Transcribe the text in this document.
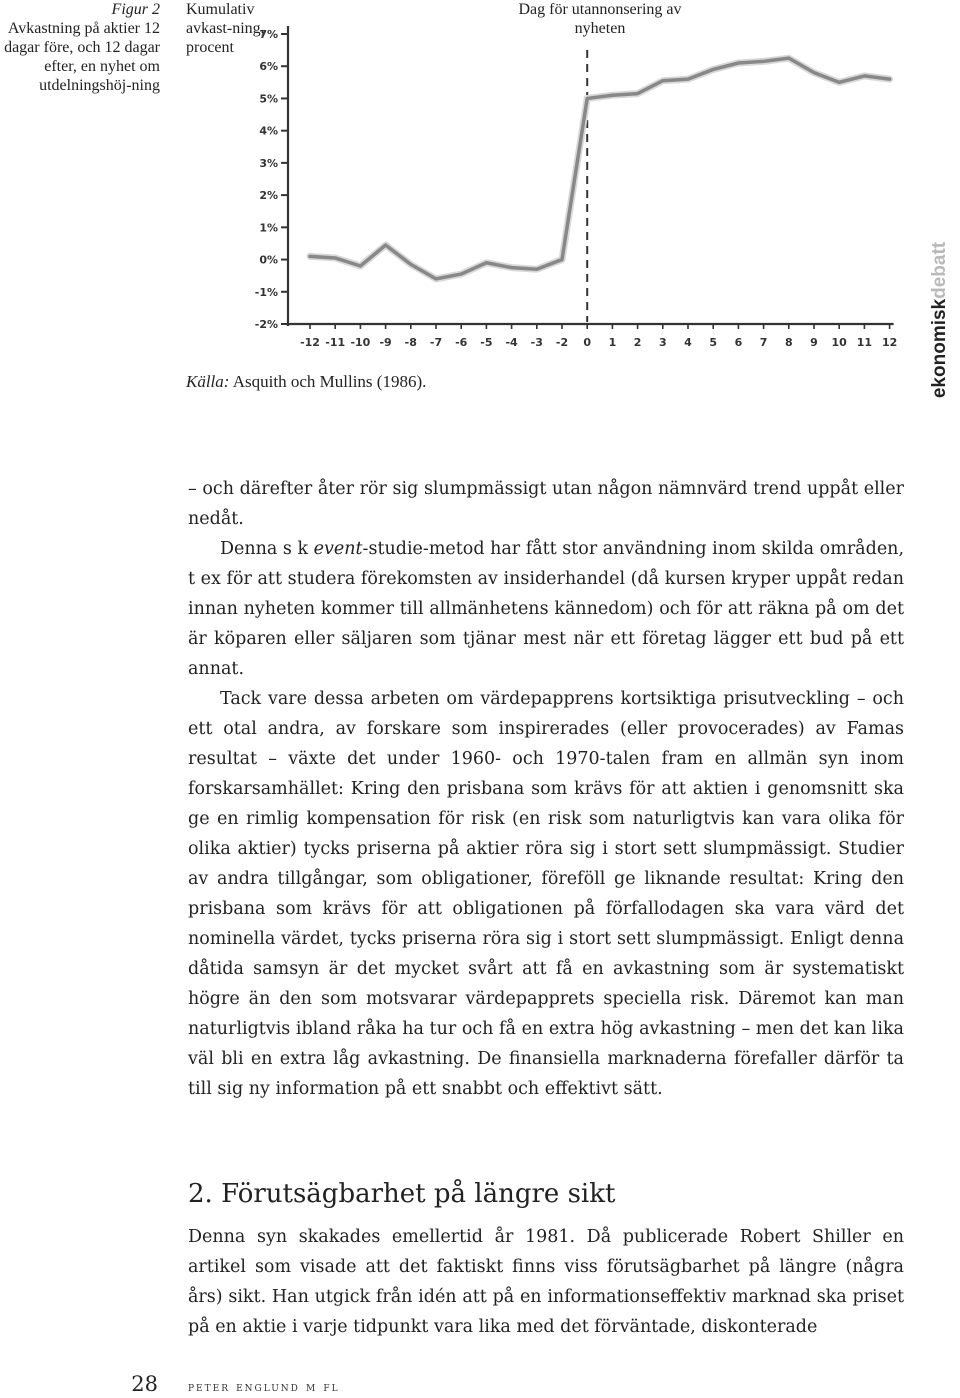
Figur 2
Avkastning på aktier 12 dagar före, och 12 dagar efter, en nyhet om utdelningshöj-ning
Kumulativ avkast-ning, procent
Dag för utannonsering av nyheten
7%
6%
5%
4%
3%
2%
1%
0%
-1%
-2%
-12 -11 -10 -9 -8 -7 -6 -5 -4 -3 -2 0 1 2 3 4 5 6 7 8 9 10 11 12
Källa: Asquith och Mullins (1986).	ekonomiskdebatt

– och därefter åter rör sig slumpmässigt utan någon nämnvärd trend uppåt eller nedåt.

Denna s k event-studie-metod har fått stor användning inom skilda områden, t ex för att studera förekomsten av insiderhandel (då kursen kryper uppåt redan innan nyheten kommer till allmänhetens kännedom) och för att räkna på om det är köparen eller säljaren som tjänar mest när ett företag lägger ett bud på ett annat.

Tack vare dessa arbeten om värdepapprens kortsiktiga prisutveckling – och ett otal andra, av forskare som inspirerades (eller provocerades) av Famas resultat – växte det under 1960- och 1970-talen fram en allmän syn inom forskarsamhället: Kring den prisbana som krävs för att aktien i genomsnitt ska ge en rimlig kompensation för risk (en risk som naturligtvis kan vara olika för olika aktier) tycks priserna på aktier röra sig i stort sett slumpmässigt. Studier av andra tillgångar, som obligationer, föreföll ge liknande resultat: Kring den prisbana som krävs för att obligationen på förfallodagen ska vara värd det nominella värdet, tycks priserna röra sig i stort sett slumpmässigt. Enligt denna dåtida samsyn är det mycket svårt att få en avkastning som är systematiskt högre än den som motsvarar värdepapprets speciella risk. Däremot kan man naturligtvis ibland råka ha tur och få en extra hög avkastning – men det kan lika väl bli en extra låg avkastning. De finansiella marknaderna förefaller därför ta till sig ny information på ett snabbt och effektivt sätt.

2. Förutsägbarhet på längre sikt

Denna syn skakades emellertid år 1981. Då publicerade Robert Shiller en artikel som visade att det faktiskt finns viss förutsägbarhet på längre (några års) sikt. Han utgick från idén att på en informationseffektiv marknad ska priset på en aktie i varje tidpunkt vara lika med det förväntade, diskonterade

28 peter englund m fl
